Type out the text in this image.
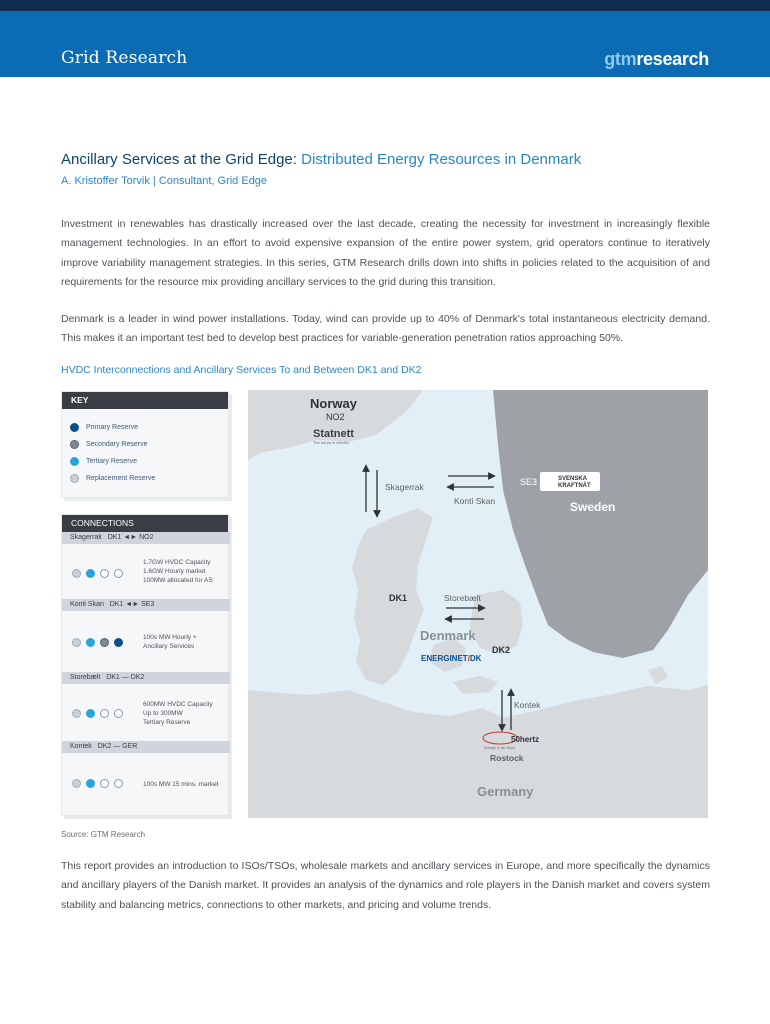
Grid Research	gtmresearch
Ancillary Services at the Grid Edge: Distributed Energy Resources in Denmark
A. Kristoffer Torvik | Consultant, Grid Edge

Investment in renewables has drastically increased over the last decade, creating the necessity for investment in increasingly flexible management technologies. In an effort to avoid expensive expansion of the entire power system, grid operators continue to iteratively improve variability management strategies. In this series, GTM Research drills down into shifts in policies related to the acquisition of and requirements for the resource mix providing ancillary services to the grid during this transition.

Denmark is a leader in wind power installations. Today, wind can provide up to 40% of Denmark's total instantaneous electricity demand. This makes it an important test bed to develop best practices for variable-generation penetration ratios approaching 50%.

HVDC Interconnections and Ancillary Services To and Between DK1 and DK2
KEY
Primary Reserve
Secondary Reserve
Tertiary Reserve
Replacement Reserve
CONNECTIONS
Skagerrak DK1 ◄► NO2
1.7GW HVDC Capacity
1.6GW Hourly market
100MW allocated for AS
Konti Skan DK1 ◄► SE3
100s MW Hourly +
Ancillary Services
Storebælt DK1 — DK2
600MW HVDC Capacity
Up to 300MW
Tertiary Reserve
Kontek DK2 — GER
100s MW 15 mins. market
Norway
NO2
Statnett
The future is electric
Skagerrak
Konti Skan
SE3	SVENSKA
KRAFTNÄT
Sweden
DK1	Storebælt
Denmark
ENERGINET/DK
DK2
Kontek
50hertz
Energie in der Hand
Rostock
Germany
Source: GTM Research

This report provides an introduction to ISOs/TSOs, wholesale markets and ancillary services in Europe, and more specifically the dynamics and ancillary players of the Danish market. It provides an analysis of the dynamics and role players in the Danish market and covers system stability and balancing metrics, connections to other markets, and pricing and volume trends.
